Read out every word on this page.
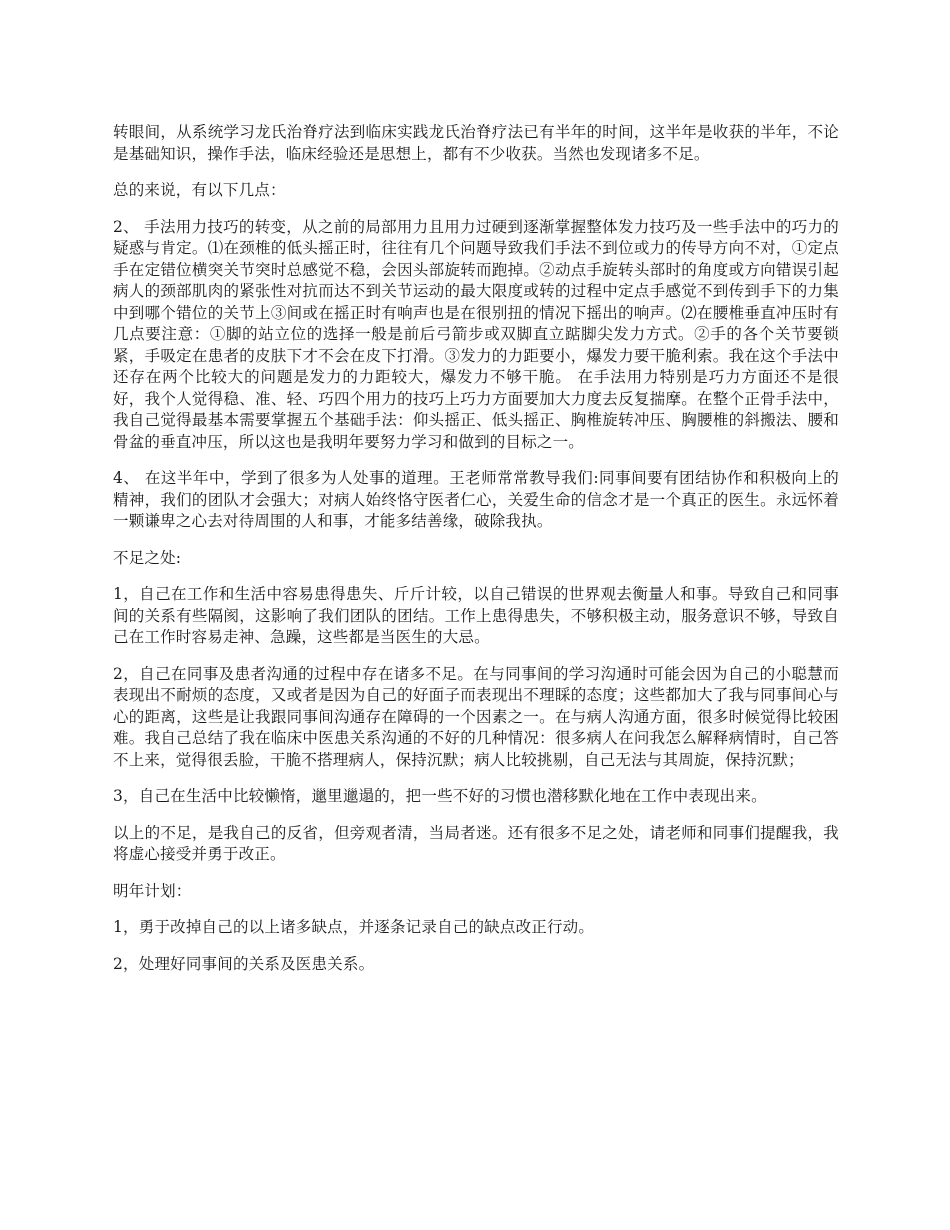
转眼间，从系统学习龙氏治脊疗法到临床实践龙氏治脊疗法已有半年的时间，这半年是收获的半年，不论是基础知识，操作手法，临床经验还是思想上，都有不少收获。当然也发现诸多不足。

总的来说，有以下几点：

2、 手法用力技巧的转变，从之前的局部用力且用力过硬到逐渐掌握整体发力技巧及一些手法中的巧力的疑惑与肯定。⑴在颈椎的低头摇正时，往往有几个问题导致我们手法不到位或力的传导方向不对，①定点手在定错位横突关节突时总感觉不稳，会因头部旋转而跑掉。②动点手旋转头部时的角度或方向错误引起病人的颈部肌肉的紧张性对抗而达不到关节运动的最大限度或转的过程中定点手感觉不到传到手下的力集中到哪个错位的关节上③间或在摇正时有响声也是在很别扭的情况下摇出的响声。⑵在腰椎垂直冲压时有几点要注意：①脚的站立位的选择一般是前后弓箭步或双脚直立踮脚尖发力方式。②手的各个关节要锁紧，手吸定在患者的皮肤下才不会在皮下打滑。③发力的力距要小，爆发力要干脆利索。我在这个手法中还存在两个比较大的问题是发力的力距较大，爆发力不够干脆。 在手法用力特别是巧力方面还不是很好，我个人觉得稳、准、轻、巧四个用力的技巧上巧力方面要加大力度去反复揣摩。在整个正骨手法中，我自己觉得最基本需要掌握五个基础手法：仰头摇正、低头摇正、胸椎旋转冲压、胸腰椎的斜搬法、腰和骨盆的垂直冲压，所以这也是我明年要努力学习和做到的目标之一。

4、 在这半年中，学到了很多为人处事的道理。王老师常常教导我们:同事间要有团结协作和积极向上的精神，我们的团队才会强大；对病人始终恪守医者仁心，关爱生命的信念才是一个真正的医生。永远怀着一颗谦卑之心去对待周围的人和事，才能多结善缘，破除我执。

不足之处:

1，自己在工作和生活中容易患得患失、斤斤计较，以自己错误的世界观去衡量人和事。导致自己和同事间的关系有些隔阂，这影响了我们团队的团结。工作上患得患失，不够积极主动，服务意识不够，导致自己在工作时容易走神、急躁，这些都是当医生的大忌。

2，自己在同事及患者沟通的过程中存在诸多不足。在与同事间的学习沟通时可能会因为自己的小聪慧而表现出不耐烦的态度，又或者是因为自己的好面子而表现出不理睬的态度；这些都加大了我与同事间心与心的距离，这些是让我跟同事间沟通存在障碍的一个因素之一。在与病人沟通方面，很多时候觉得比较困难。我自己总结了我在临床中医患关系沟通的不好的几种情况：很多病人在问我怎么解释病情时，自己答不上来，觉得很丢脸，干脆不搭理病人，保持沉默；病人比较挑剔，自己无法与其周旋，保持沉默；

3，自己在生活中比较懒惰，邋里邋遢的，把一些不好的习惯也潜移默化地在工作中表现出来。

以上的不足，是我自己的反省，但旁观者清，当局者迷。还有很多不足之处，请老师和同事们提醒我，我将虚心接受并勇于改正。

明年计划：

1，勇于改掉自己的以上诸多缺点，并逐条记录自己的缺点改正行动。

2，处理好同事间的关系及医患关系。
